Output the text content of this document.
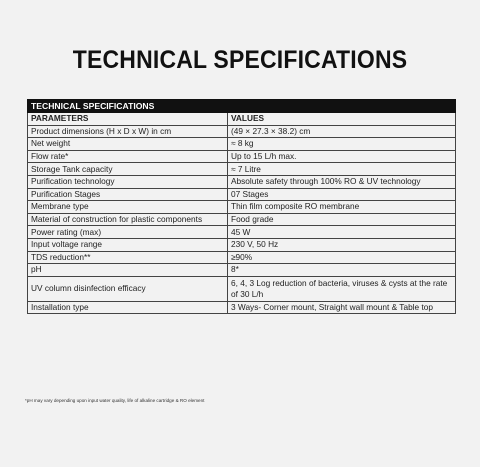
TECHNICAL SPECIFICATIONS
TECHNICAL SPECIFICATIONS	
PARAMETERS	VALUES
Product dimensions (H x D x W) in cm	(49 × 27.3 × 38.2) cm
Net weight	≈ 8 kg
Flow rate*	Up to 15 L/h max.
Storage Tank capacity	≈ 7 Litre
Purification technology	Absolute safety through 100% RO & UV technology
Purification Stages	07 Stages
Membrane type	Thin film composite RO membrane
Material of construction for plastic components	Food grade
Power rating (max)	45 W
Input voltage range	230 V, 50 Hz
TDS reduction**	≥90%
pH	8*
UV column disinfection efficacy	6, 4, 3 Log reduction of bacteria, viruses & cysts at the rate of 30 L/h
Installation type	3 Ways- Corner mount, Straight wall mount & Table top
*pH may vary depending upon input water quality, life of alkaline cartridge & RO element
